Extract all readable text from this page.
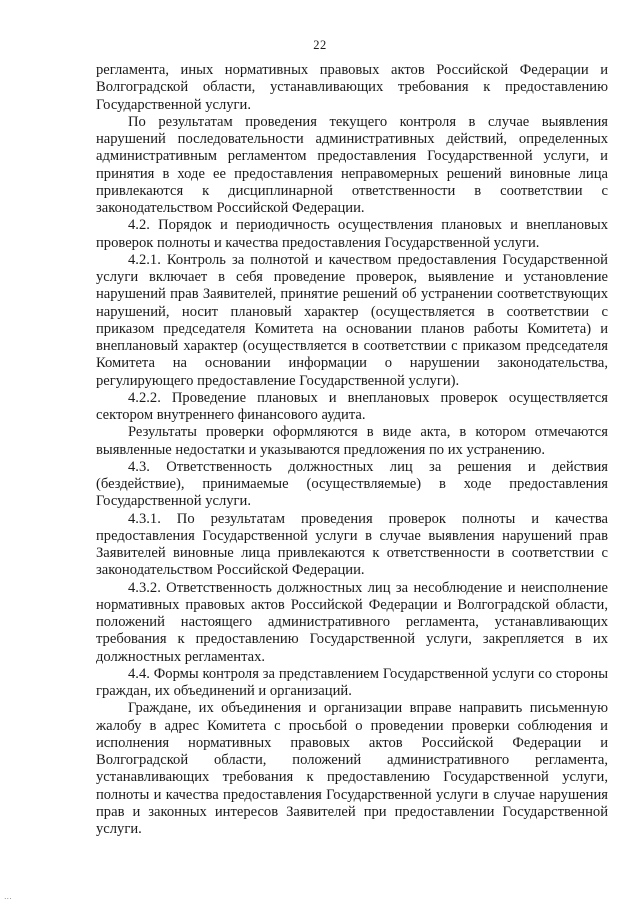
22

регламента, иных нормативных правовых актов Российской Федерации и Волгоградской области, устанавливающих требования к предоставлению Государственной услуги.

По результатам проведения текущего контроля в случае выявления нарушений последовательности административных действий, определенных административным регламентом предоставления Государственной услуги, и принятия в ходе ее предоставления неправомерных решений виновные лица привлекаются к дисциплинарной ответственности в соответствии с законодательством Российской Федерации.

4.2. Порядок и периодичность осуществления плановых и внеплановых проверок полноты и качества предоставления Государственной услуги.

4.2.1. Контроль за полнотой и качеством предоставления Государственной услуги включает в себя проведение проверок, выявление и установление нарушений прав Заявителей, принятие решений об устранении соответствующих нарушений, носит плановый характер (осуществляется в соответствии с приказом председателя Комитета на основании планов работы Комитета) и внеплановый характер (осуществляется в соответствии с приказом председателя Комитета на основании информации о нарушении законодательства, регулирующего предоставление Государственной услуги).

4.2.2. Проведение плановых и внеплановых проверок осуществляется сектором внутреннего финансового аудита.

Результаты проверки оформляются в виде акта, в котором отмечаются выявленные недостатки и указываются предложения по их устранению.

4.3. Ответственность должностных лиц за решения и действия (бездействие), принимаемые (осуществляемые) в ходе предоставления Государственной услуги.

4.3.1. По результатам проведения проверок полноты и качества предоставления Государственной услуги в случае выявления нарушений прав Заявителей виновные лица привлекаются к ответственности в соответствии с законодательством Российской Федерации.

4.3.2. Ответственность должностных лиц за несоблюдение и неисполнение нормативных правовых актов Российской Федерации и Волгоградской области, положений настоящего административного регламента, устанавливающих требования к предоставлению Государственной услуги, закрепляется в их должностных регламентах.

4.4. Формы контроля за представлением Государственной услуги со стороны граждан, их объединений и организаций.

Граждане, их объединения и организации вправе направить письменную жалобу в адрес Комитета с просьбой о проведении проверки соблюдения и исполнения нормативных правовых актов Российской Федерации и Волгоградской области, положений административного регламента, устанавливающих требования к предоставлению Государственной услуги, полноты и качества предоставления Государственной услуги в случае нарушения прав и законных интересов Заявителей при предоставлении Государственной услуги.

...
